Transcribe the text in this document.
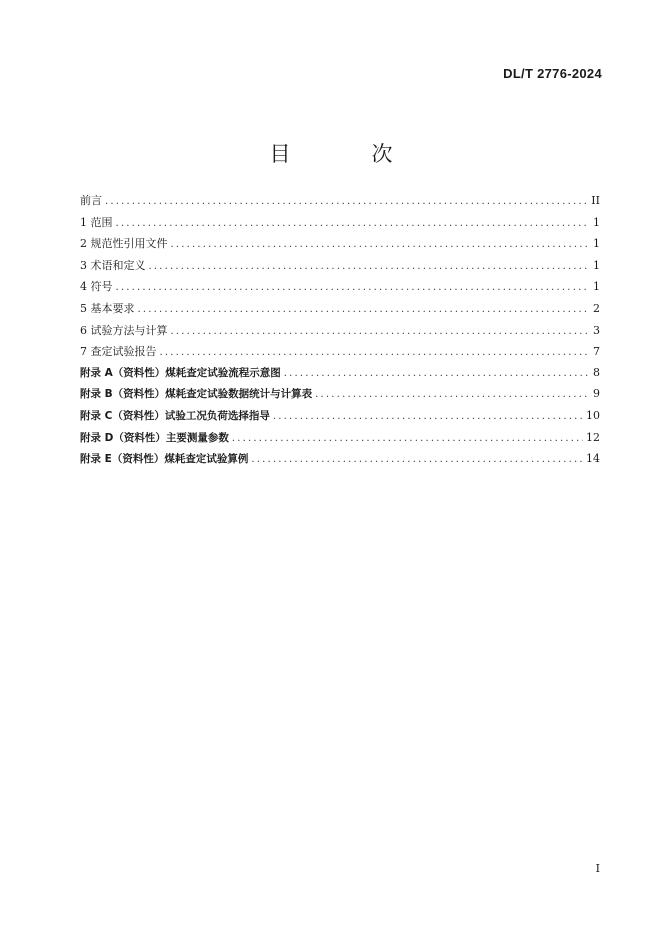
DL/T 2776-2024
目　次
前言 .....	II
1 范围 .....	1
2 规范性引用文件 .....	1
3 术语和定义 .....	1
4 符号 .....	1
5 基本要求 .....	2
6 试验方法与计算 .....	3
7 查定试验报告 .....	7
附录 A（资料性）煤耗查定试验流程示意图 .....	8
附录 B（资料性）煤耗查定试验数据统计与计算表 .....	9
附录 C（资料性）试验工况负荷选择指导 .....	10
附录 D（资料性）主要测量参数 .....	12
附录 E（资料性）煤耗查定试验算例 .....	14
I
